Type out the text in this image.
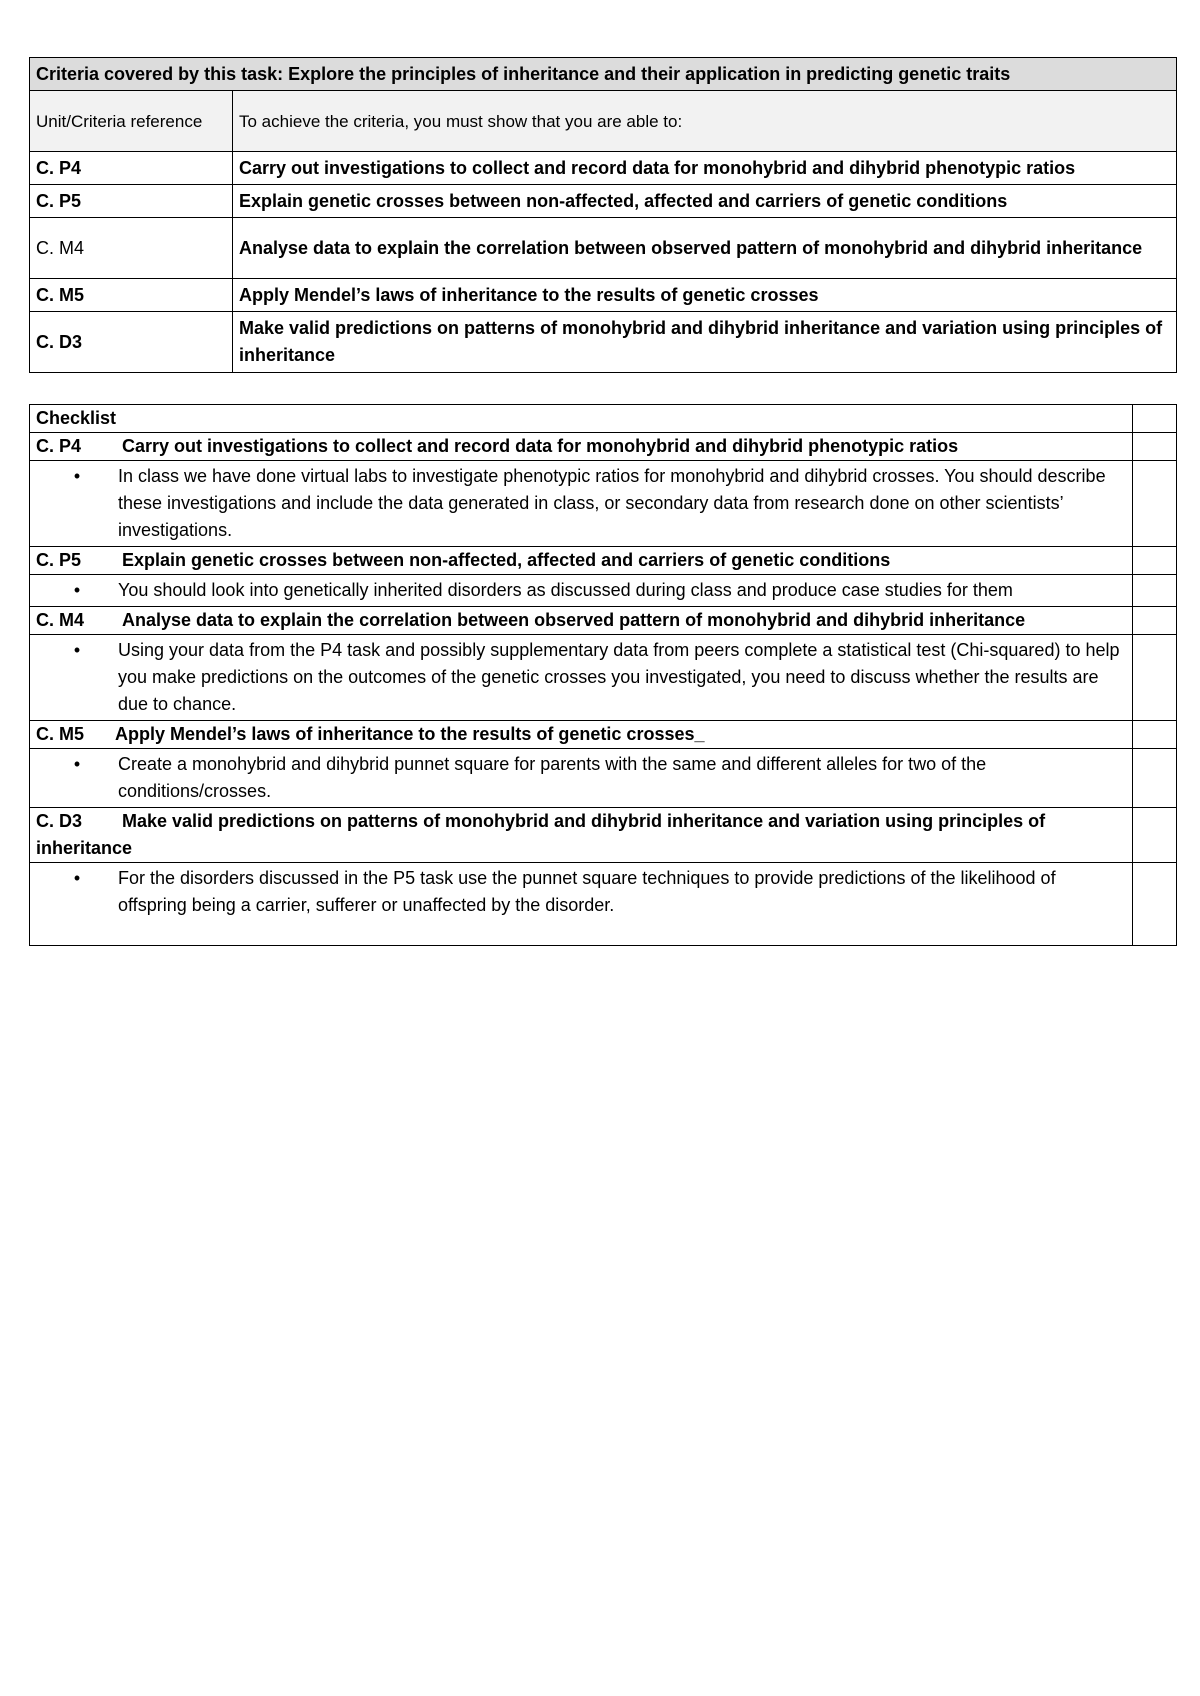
Criteria covered by this task: Explore the principles of inheritance and their application in predicting genetic traits	
Unit/Criteria reference	To achieve the criteria, you must show that you are able to:
C. P4	Carry out investigations to collect and record data for monohybrid and dihybrid phenotypic ratios
C. P5	Explain genetic crosses between non-affected, affected and carriers of genetic conditions
C. M4	Analyse data to explain the correlation between observed pattern of monohybrid and dihybrid inheritance
C. M5	Apply Mendel’s laws of inheritance to the results of genetic crosses
C. D3	Make valid predictions on patterns of monohybrid and dihybrid inheritance and variation using principles of inheritance
Checklist	
C. P4 Carry out investigations to collect and record data for monohybrid and dihybrid phenotypic ratios	

• In class we have done virtual labs to investigate phenotypic ratios for monohybrid and dihybrid crosses. You should describe these investigations and include the data generated in class, or secondary data from research done on other scientists’ investigations.	

C. P5 Explain genetic crosses between non-affected, affected and carriers of genetic conditions	

• You should look into genetically inherited disorders as discussed during class and produce case studies for them	

C. M4 Analyse data to explain the correlation between observed pattern of monohybrid and dihybrid inheritance	

• Using your data from the P4 task and possibly supplementary data from peers complete a statistical test (Chi-squared) to help you make predictions on the outcomes of the genetic crosses you investigated, you need to discuss whether the results are due to chance.	

C. M5 Apply Mendel’s laws of inheritance to the results of genetic crosses_	

• Create a monohybrid and dihybrid punnet square for parents with the same and different alleles for two of the conditions/crosses.	

C. D3 Make valid predictions on patterns of monohybrid and dihybrid inheritance and variation using principles of inheritance	

• For the disorders discussed in the P5 task use the punnet square techniques to provide predictions of the likelihood of offspring being a carrier, sufferer or unaffected by the disorder.	
